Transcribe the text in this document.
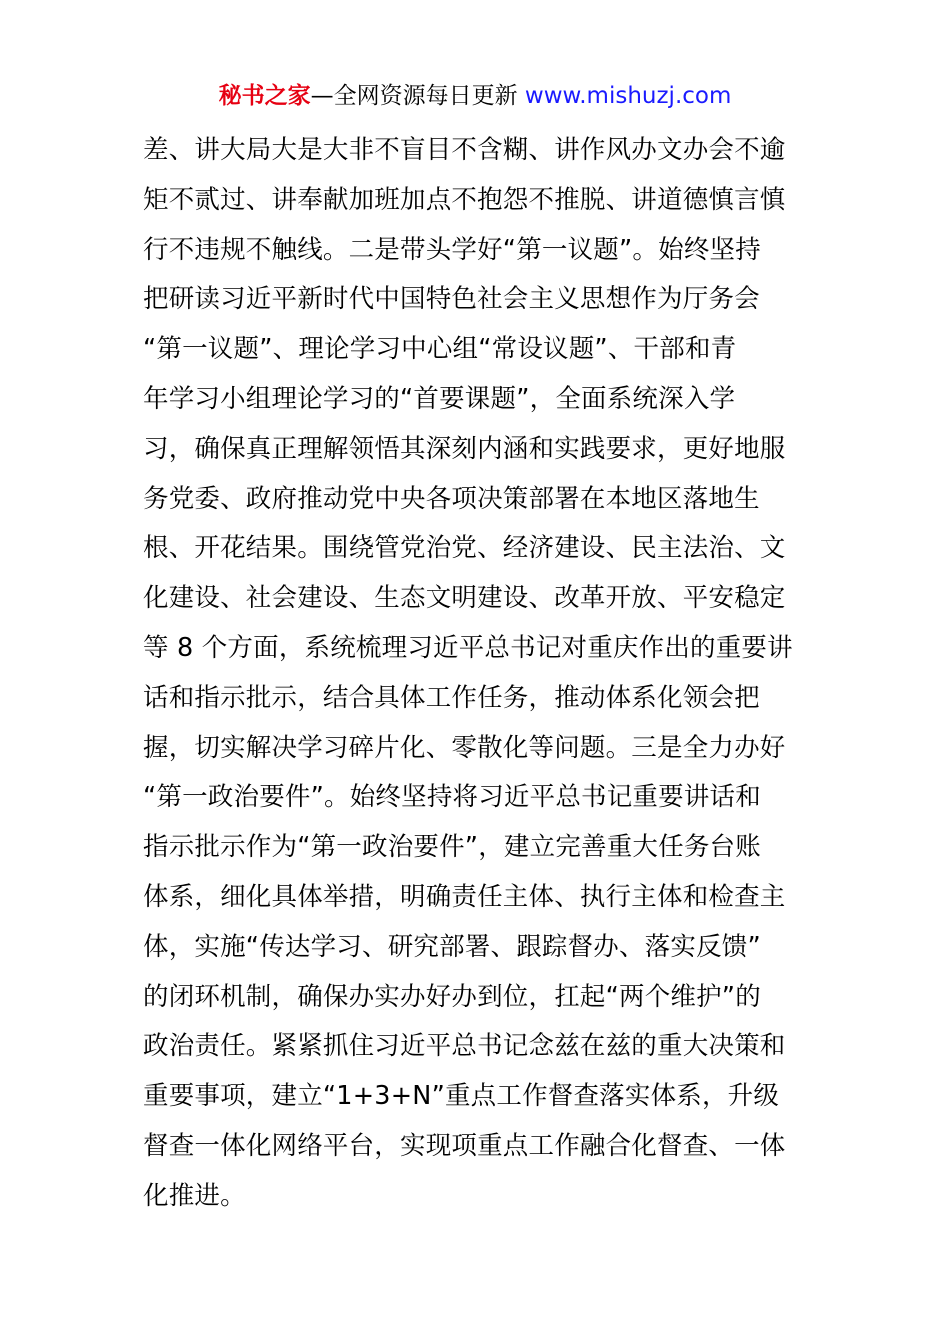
秘书之家—全网资源每日更新 www.mishuzj.com
差、讲大局大是大非不盲目不含糊、讲作风办文办会不逾
矩不贰过、讲奉献加班加点不抱怨不推脱、讲道德慎言慎
行不违规不触线。二是带头学好“第一议题”。始终坚持
把研读习近平新时代中国特色社会主义思想作为厅务会
“第一议题”、理论学习中心组“常设议题”、干部和青
年学习小组理论学习的“首要课题”，全面系统深入学
习，确保真正理解领悟其深刻内涵和实践要求，更好地服
务党委、政府推动党中央各项决策部署在本地区落地生
根、开花结果。围绕管党治党、经济建设、民主法治、文
化建设、社会建设、生态文明建设、改革开放、平安稳定
等 8 个方面，系统梳理习近平总书记对重庆作出的重要讲
话和指示批示，结合具体工作任务，推动体系化领会把
握，切实解决学习碎片化、零散化等问题。三是全力办好
“第一政治要件”。始终坚持将习近平总书记重要讲话和
指示批示作为“第一政治要件”，建立完善重大任务台账
体系，细化具体举措，明确责任主体、执行主体和检查主
体，实施“传达学习、研究部署、跟踪督办、落实反馈”
的闭环机制，确保办实办好办到位，扛起“两个维护”的
政治责任。紧紧抓住习近平总书记念兹在兹的重大决策和
重要事项，建立“1+3+N”重点工作督查落实体系，升级
督查一体化网络平台，实现项重点工作融合化督查、一体
化推进。
